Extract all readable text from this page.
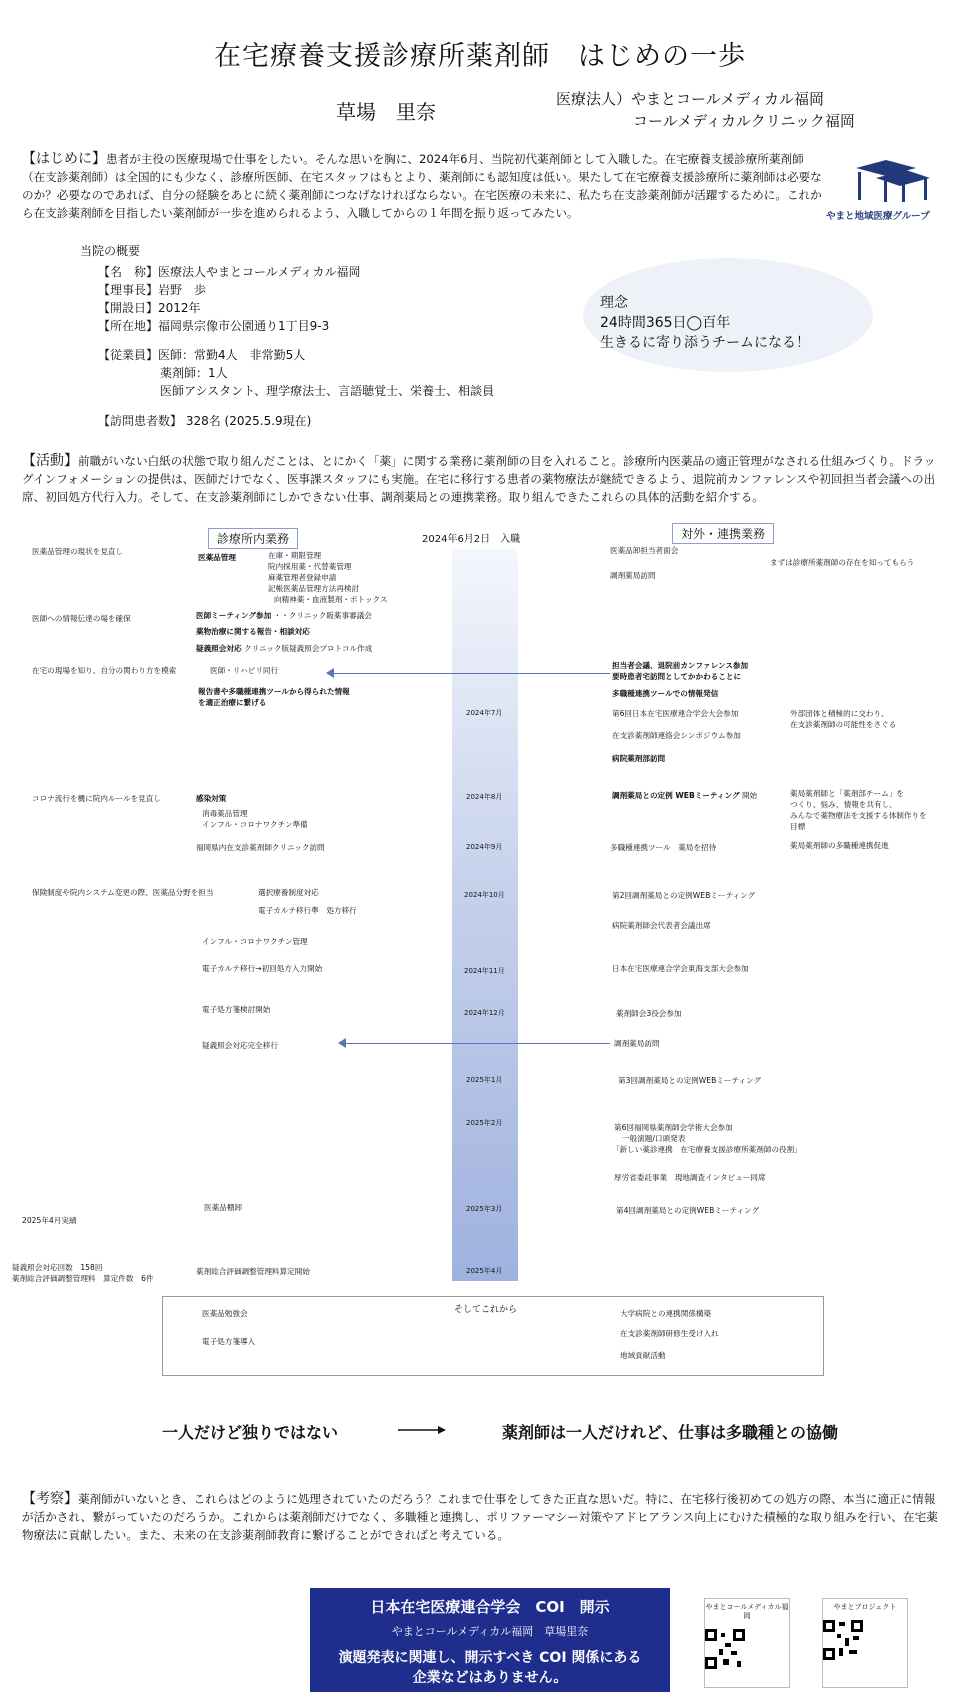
在宅療養支援診療所薬剤師　はじめの一歩
草場　里奈
医療法人）やまとコールメディカル福岡
コールメディカルクリニック福岡
【はじめに】患者が主役の医療現場で仕事をしたい。そんな思いを胸に、2024年6月、当院初代薬剤師として入職した。在宅療養支援診療所薬剤師（在支診薬剤師）は全国的にも少なく、診療所医師、在宅スタッフはもとより、薬剤師にも認知度は低い。果たして在宅療養支援診療所に薬剤師は必要なのか？必要なのであれば、自分の経験をあとに続く薬剤師につなげなければならない。在宅医療の未来に、私たち在支診薬剤師が活躍するために。これから在支診薬剤師を目指したい薬剤師が一歩を進められるよう、入職してからの１年間を振り返ってみたい。	やまと地域医療グループ
当院の概要
【名　称】医療法人やまとコールメディカル福岡
【理事長】岩野　歩
【開設日】2012年
【所在地】福岡県宗像市公園通り1丁目9-3
【従業員】医師：常勤4人　非常勤5人
薬剤師：1人
医師アシスタント、理学療法士、言語聴覚士、栄養士、相談員
【訪問患者数】 328名 (2025.5.9現在)
理念
24時間365日◯百年
生きるに寄り添うチームになる！
【活動】前職がいない白紙の状態で取り組んだことは、とにかく「薬」に関する業務に薬剤師の目を入れること。診療所内医薬品の適正管理がなされる仕組みづくり。ドラッグインフォメーションの提供は、医師だけでなく、医事課スタッフにも実施。在宅に移行する患者の薬物療法が継続できるよう、退院前カンファレンスや初回担当者会議への出席、初回処方代行入力。そして、在支診薬剤師にしかできない仕事、調剤薬局との連携業務。取り組んできたこれらの具体的活動を紹介する。
診療所内業務	2024年6月2日　入職	対外・連携業務
2024年7月
2024年8月
2024年9月
2024年10月
2024年11月
2024年12月
2025年1月
2025年2月
2025年3月
2025年4月
医薬品管理の現状を見直し
医師への情報伝達の場を確保
在宅の現場を知り、自分の関わり方を模索
コロナ流行を機に院内ルールを見直し
保険制度や院内システム変更の際、医薬品分野を担当
医薬品管理	在庫・期限管理
院内採用薬・代替薬管理
麻薬管理者登録申請
記帳医薬品管理方法再検討
向精神薬・血液製剤・ボトックス
医師ミーティング参加 ・・クリニック販薬事審議会
薬物治療に関する報告・相談対応
疑義照会対応 クリニック版疑義照会プロトコル作成
医師・リハビリ同行
報告書や多職種連携ツールから得られた情報
を適正治療に繋げる
感染対策
消毒薬品管理
インフル・コロナワクチン準備
福岡県内在支診薬剤師クリニック訪問
選択療養制度対応
電子カルテ移行準　処方移行
インフル・コロナワクチン管理
電子カルテ移行→初回処方入力開始
電子処方箋検討開始
疑義照会対応完全移行
医薬品棚卸
薬剤総合評価調整管理料算定開始
2025年4月実績
疑義照会対応回数　158回
薬剤総合評価調整管理料　算定件数　6件
医薬品卸担当者面会
まずは診療所薬剤師の存在を知ってもらう
調剤薬局訪問
担当者会議、退院前カンファレンス参加
要時患者宅訪問としてかかわることに
多職種連携ツールでの情報発信
第6回日本在宅医療連合学会大会参加	外部団体と積極的に交わり、
在支診薬剤師の可能性をさぐる
在支診薬剤師連絡会シンポジウム参加
病院薬剤部訪問
調剤薬局との定例 WEBミーティング 開始	薬局薬剤師と「薬剤部チーム」を
つくり、悩み、情報を共有し、
みんなで薬物療法を支援する体制作りを
目標
多職種連携ツール　薬局を招待	薬局薬剤師の多職種連携促進
第2回調剤薬局との定例WEBミーティング
病院薬剤師会代表者会議出席
日本在宅医療連合学会東海支部大会参加
薬剤師会3役会参加
調剤薬局訪問
第3回調剤薬局との定例WEBミーティング
第6回福岡県薬剤師会学術大会参加
一般演題/口頭発表
「新しい薬診連携　在宅療養支援診療所薬剤師の役割」
厚労省委託事業　現地調査インタビュー同席
第4回調剤薬局との定例WEBミーティング
そしてこれから
医薬品勉強会
電子処方箋導入
大学病院との連携関係構築
在支診薬剤師研修生受け入れ
地域貢献活動
一人だけど独りではない	薬剤師は一人だけれど、仕事は多職種との協働
【考察】薬剤師がいないとき、これらはどのように処理されていたのだろう？これまで仕事をしてきた正直な思いだ。特に、在宅移行後初めての処方の際、本当に適正に情報が活かされ、繋がっていたのだろうか。これからは薬剤師だけでなく、多職種と連携し、ポリファーマシー対策やアドヒアランス向上にむけた積極的な取り組みを行い、在宅薬物療法に貢献したい。また、未来の在支診薬剤師教育に繋げることができればと考えている。
日本在宅医療連合学会　COI　開示
やまとコールメディカル福岡　草場里奈
演題発表に関連し、開示すべき COI 関係にある
企業などはありません。
やまとコールメディカル福岡
やまとプロジェクト
